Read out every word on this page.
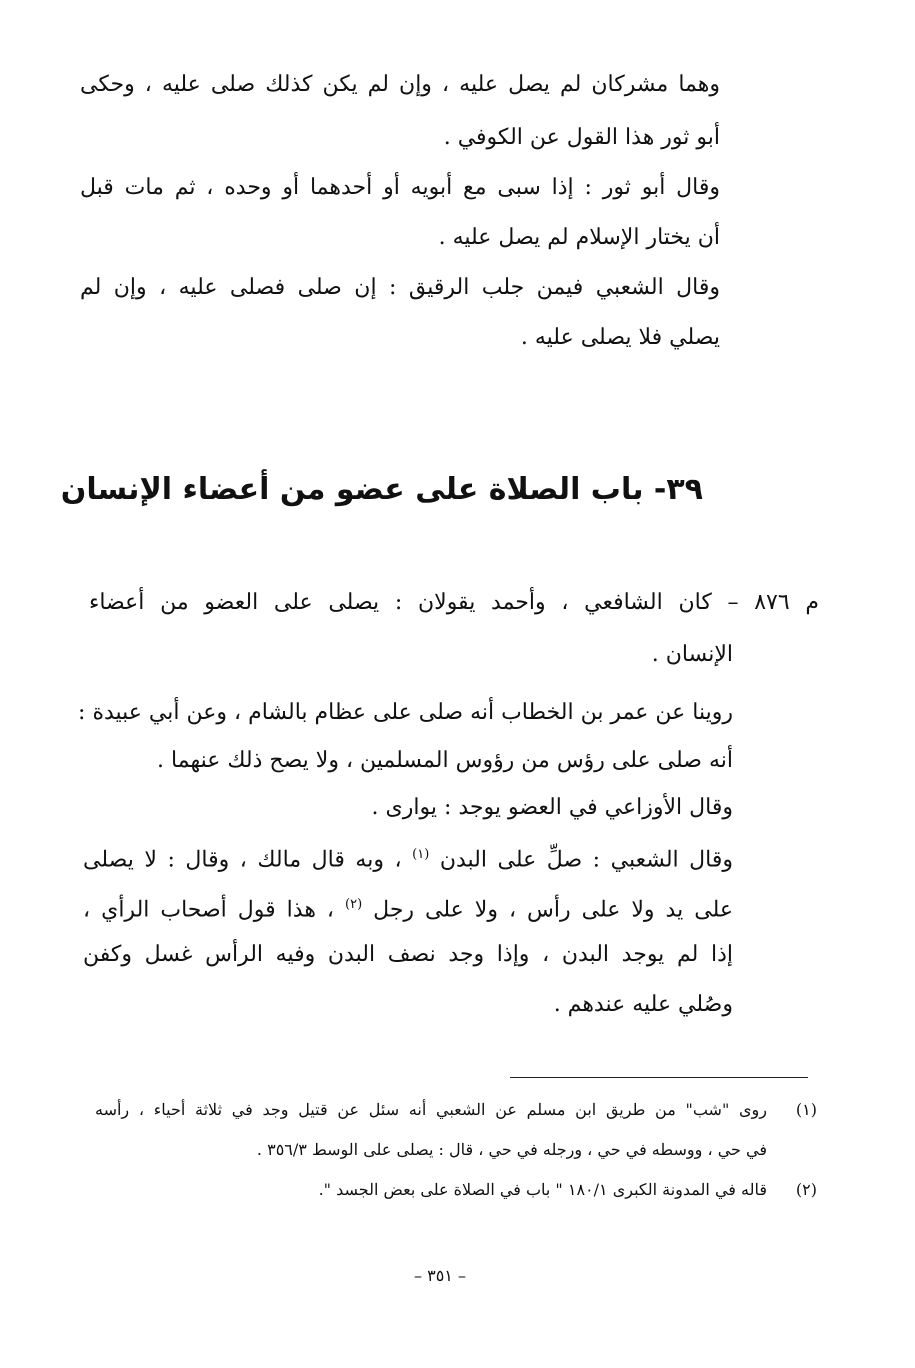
وهما مشركان لم يصل عليه ، وإن لم يكن كذلك صلى عليه ، وحكى
أبو ثور هذا القول عن الكوفي .
وقال أبو ثور : إذا سبى مع أبويه أو أحدهما أو وحده ، ثم مات قبل
أن يختار الإسلام لم يصل عليه .
وقال الشعبي فيمن جلب الرقيق : إن صلى فصلى عليه ، وإن لم
يصلي فلا يصلى عليه .
٣٩- باب الصلاة على عضو من أعضاء الإنسان
م ٨٧٦ – كان الشافعي ، وأحمد يقولان : يصلى على العضو من أعضاء
الإنسان .
روينا عن عمر بن الخطاب أنه صلى على عظام بالشام ، وعن أبي عبيدة :
أنه صلى على رؤس من رؤوس المسلمين ، ولا يصح ذلك عنهما .
وقال الأوزاعي في العضو يوجد : يوارى .
وقال الشعبي : صلِّ على البدن $^{(١)}$ ، وبه قال مالك ، وقال : لا يصلى
على يد ولا على رأس ، ولا على رجل $^{(٢)}$ ، هذا قول أصحاب الرأي ،
إذا لم يوجد البدن ، وإذا وجد نصف البدن وفيه الرأس غسل وكفن
وصُلي عليه عندهم .
(١)
روى "شب" من طريق ابن مسلم عن الشعبي أنه سئل عن قتيل وجد في ثلاثة أحياء ، رأسه
في حي ، ووسطه في حي ، ورجله في حي ، قال : يصلى على الوسط ٣٥٦/٣ .
(٢)
قاله في المدونة الكبرى ١٨٠/١ " باب في الصلاة على بعض الجسد ".
– ٣٥١ –
